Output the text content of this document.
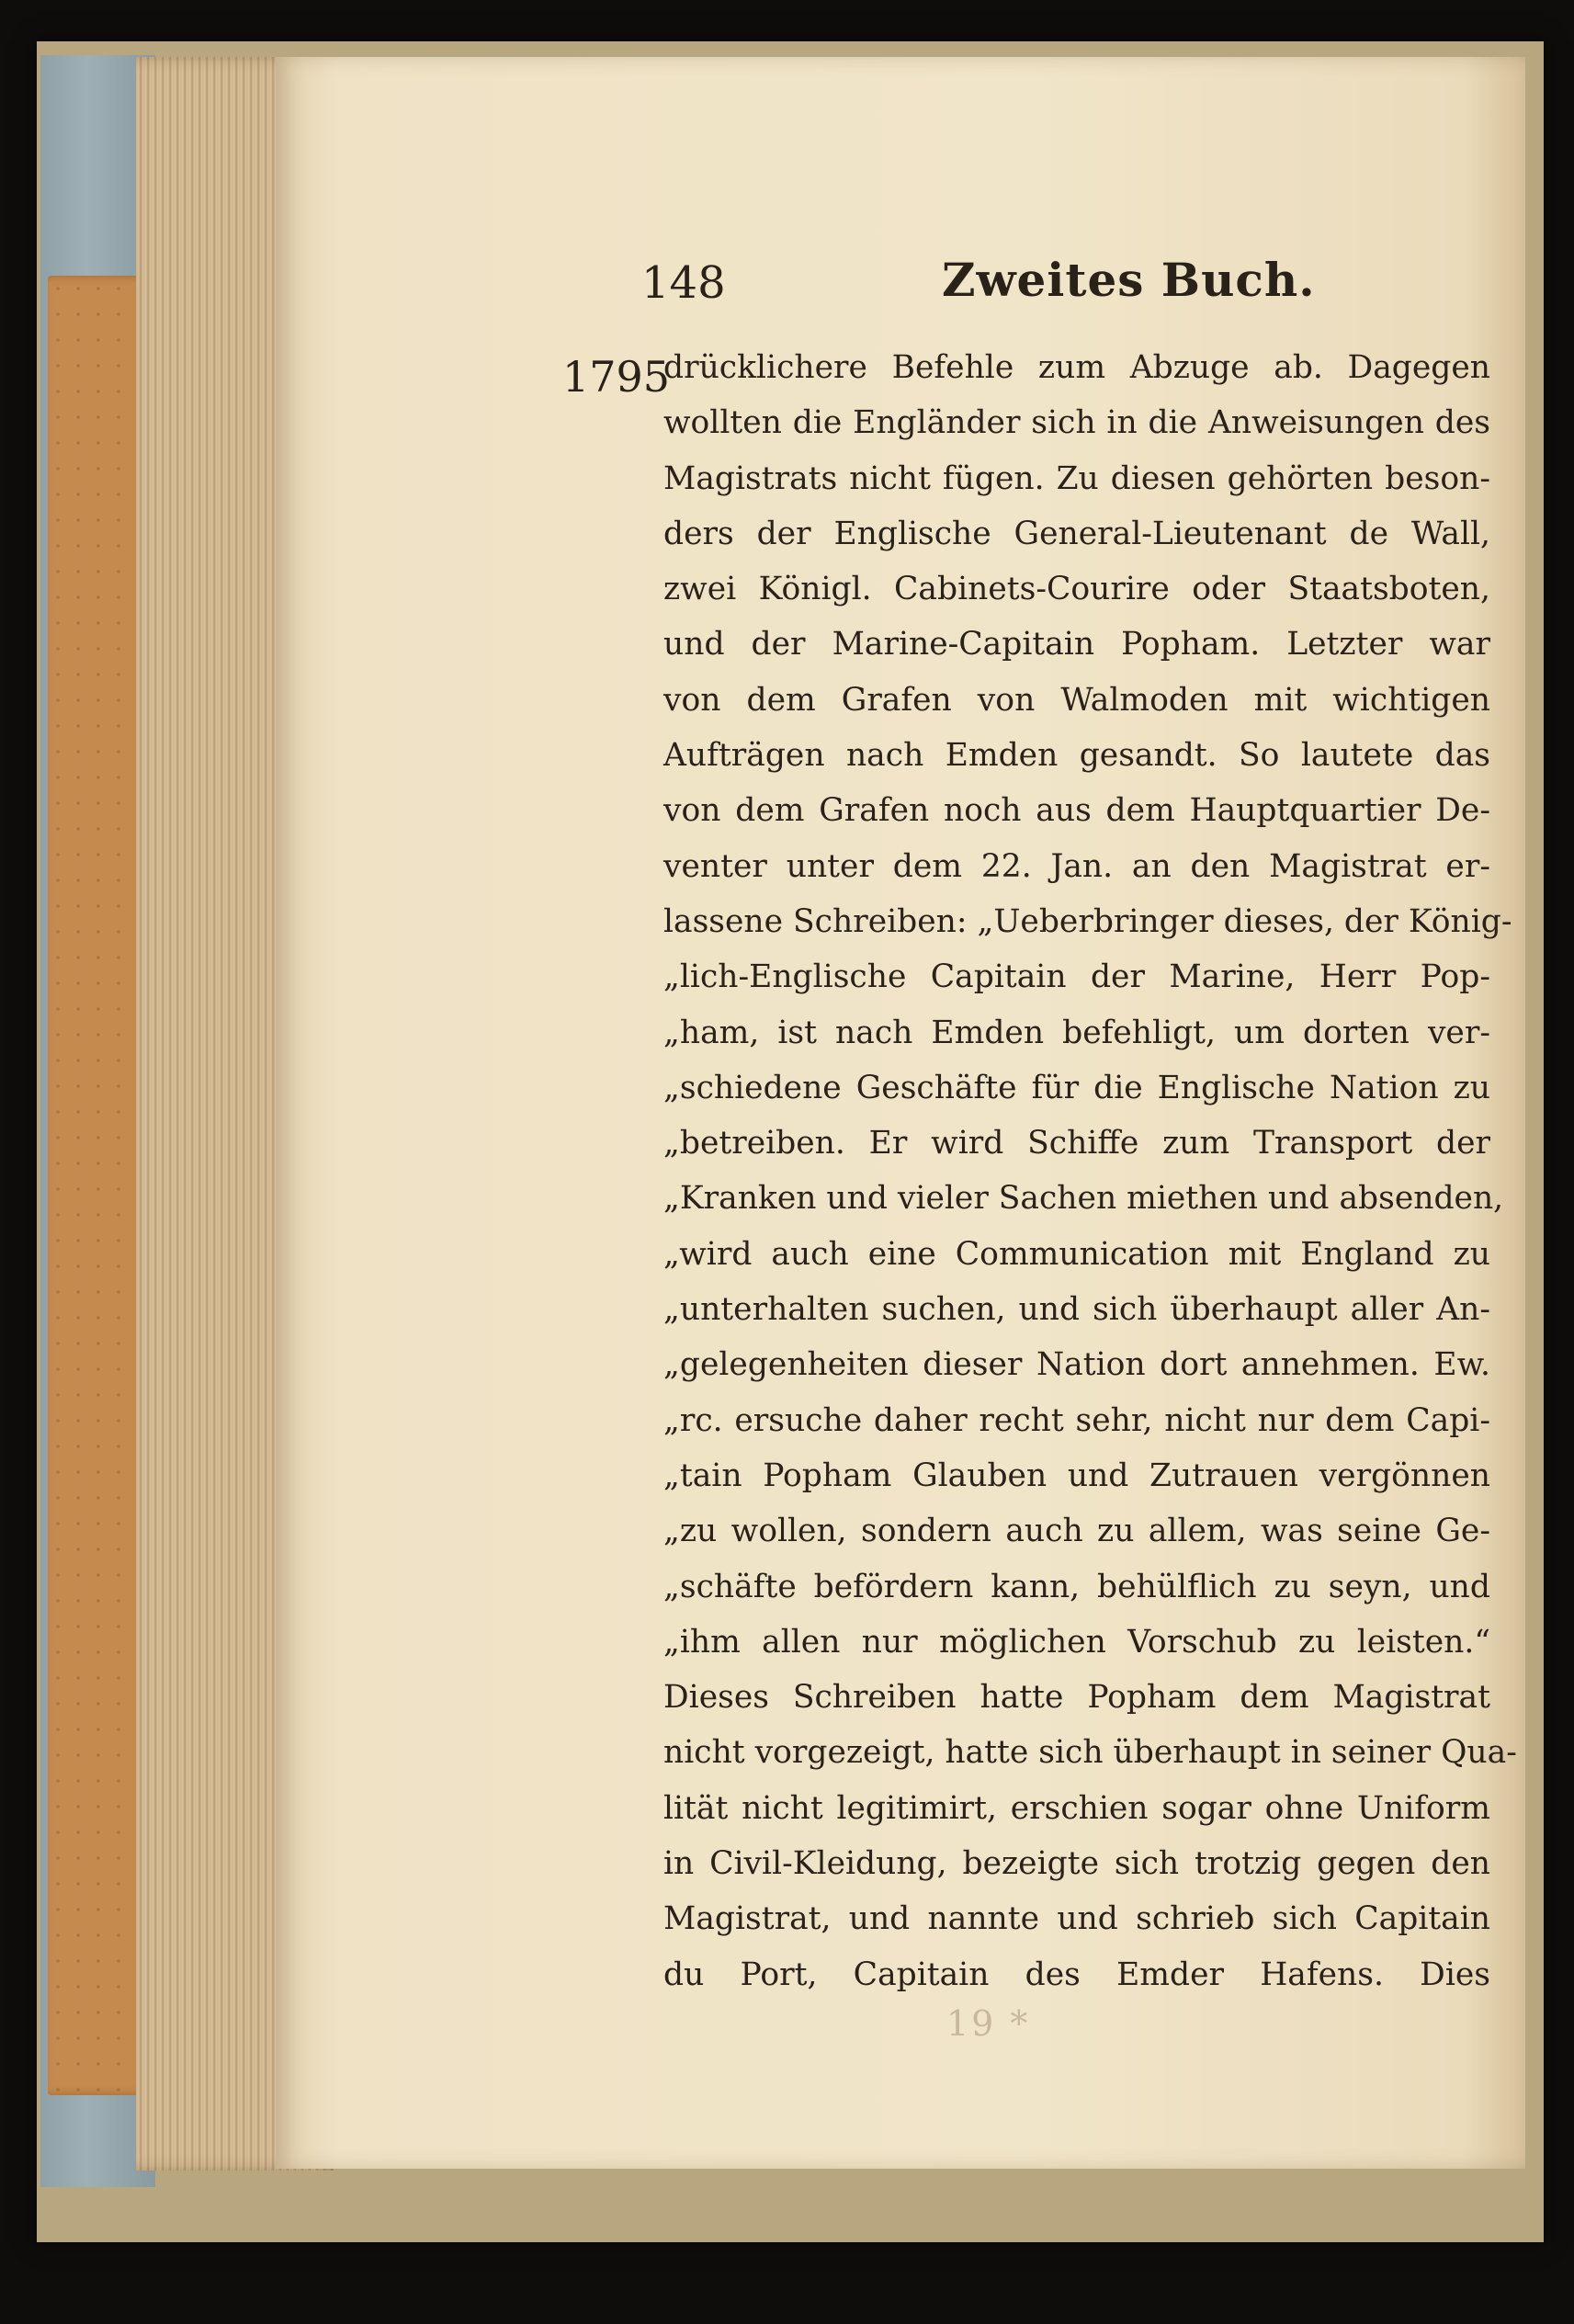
148	Zweites Buch.

1795

drücklichere Befehle zum Abzuge ab. Dagegen
wollten die Engländer sich in die Anweisungen des
Magistrats nicht fügen. Zu diesen gehörten beson-
ders der Englische General-Lieutenant de Wall,
zwei Königl. Cabinets-Courire oder Staatsboten,
und der Marine-Capitain Popham. Letzter war
von dem Grafen von Walmoden mit wichtigen
Aufträgen nach Emden gesandt. So lautete das
von dem Grafen noch aus dem Hauptquartier De-
venter unter dem 22. Jan. an den Magistrat er-
lassene Schreiben: „Ueberbringer dieses, der König-
„lich-Englische Capitain der Marine, Herr Pop-
„ham, ist nach Emden befehligt, um dorten ver-
„schiedene Geschäfte für die Englische Nation zu
„betreiben. Er wird Schiffe zum Transport der
„Kranken und vieler Sachen miethen und absenden,
„wird auch eine Communication mit England zu
„unterhalten suchen, und sich überhaupt aller An-
„gelegenheiten dieser Nation dort annehmen. Ew.
„rc. ersuche daher recht sehr, nicht nur dem Capi-
„tain Popham Glauben und Zutrauen vergönnen
„zu wollen, sondern auch zu allem, was seine Ge-
„schäfte befördern kann, behülflich zu seyn, und
„ihm allen nur möglichen Vorschub zu leisten.“
Dieses Schreiben hatte Popham dem Magistrat
nicht vorgezeigt, hatte sich überhaupt in seiner Qua-
lität nicht legitimirt, erschien sogar ohne Uniform
in Civil-Kleidung, bezeigte sich trotzig gegen den
Magistrat, und nannte und schrieb sich Capitain
du Port, Capitain des Emder Hafens. Dies

19 *
